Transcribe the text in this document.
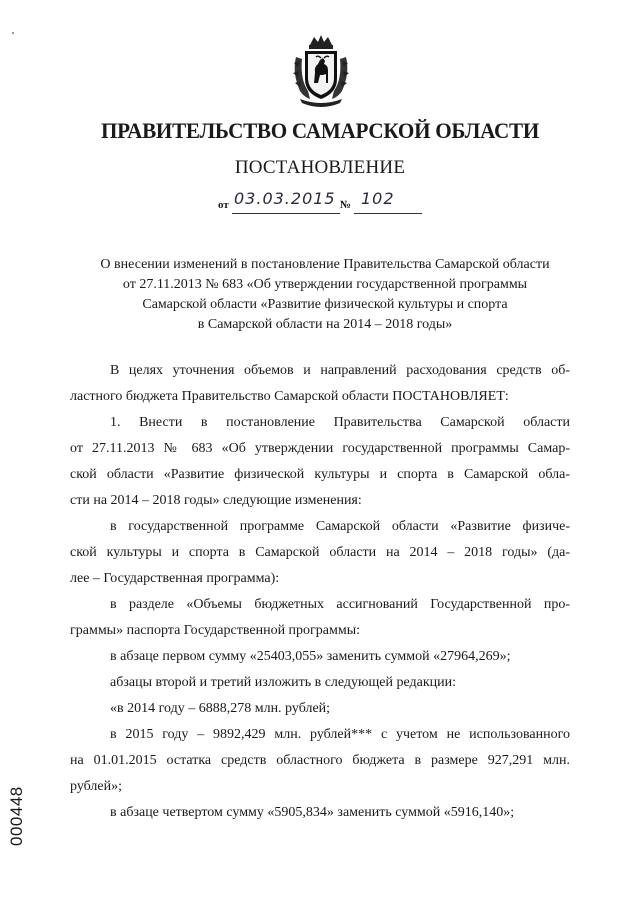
ПРАВИТЕЛЬСТВО САМАРСКОЙ ОБЛАСТИ
ПОСТАНОВЛЕНИЕ
от 03.03.2015 № 102
О внесении изменений в постановление Правительства Самарской области
от 27.11.2013 № 683 «Об утверждении государственной программы
Самарской области «Развитие физической культуры и спорта
в Самарской области на 2014 – 2018 годы»

В целях уточнения объемов и направлений расходования средств об-

ластного бюджета Правительство Самарской области ПОСТАНОВЛЯЕТ:

1. Внести в постановление Правительства Самарской области

от 27.11.2013 № 683 «Об утверждении государственной программы Самар-

ской области «Развитие физической культуры и спорта в Самарской обла-

сти на 2014 – 2018 годы» следующие изменения:

в государственной программе Самарской области «Развитие физиче-

ской культуры и спорта в Самарской области на 2014 – 2018 годы» (да-

лее – Государственная программа):

в разделе «Объемы бюджетных ассигнований Государственной про-

граммы» паспорта Государственной программы:

в абзаце первом сумму «25403,055» заменить суммой «27964,269»;

абзацы второй и третий изложить в следующей редакции:

«в 2014 году – 6888,278 млн. рублей;

в 2015 году – 9892,429 млн. рублей*** с учетом не использованного

на 01.01.2015 остатка средств областного бюджета в размере 927,291 млн.

рублей»;

в абзаце четвертом сумму «5905,834» заменить суммой «5916,140»;

000448
